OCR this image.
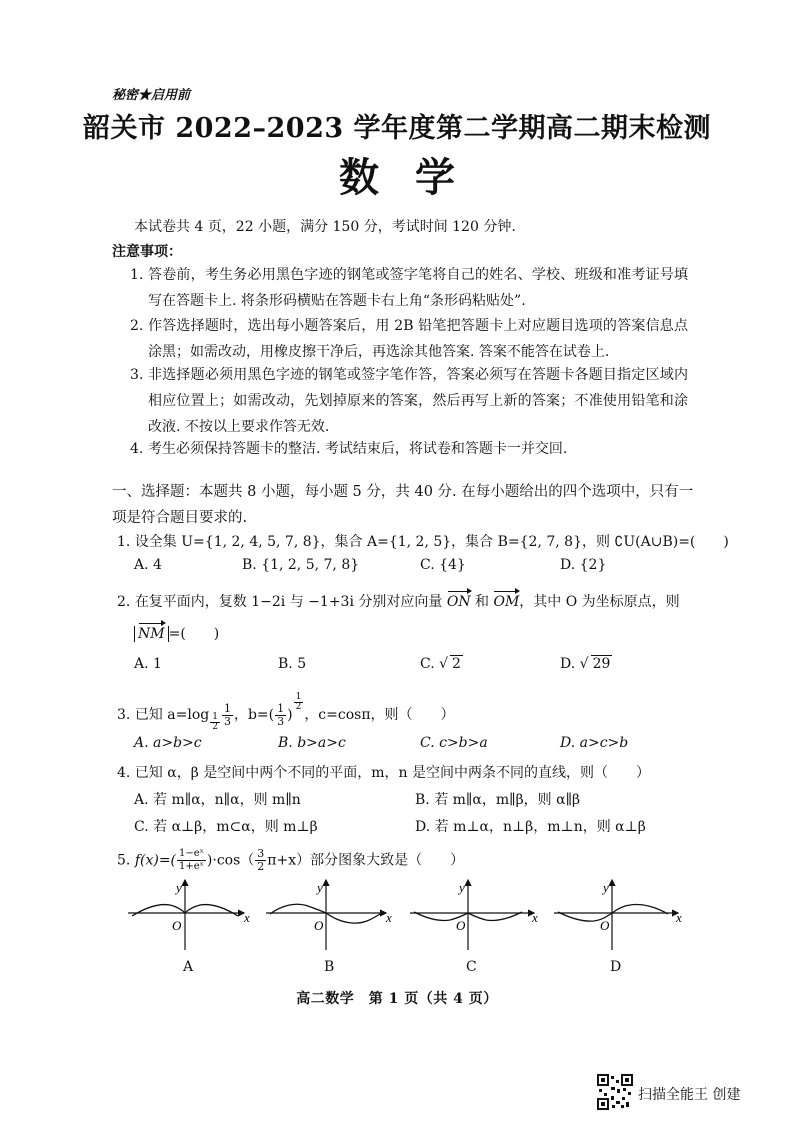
秘密★启用前
韶关市 2022–2023 学年度第二学期高二期末检测
数学
本试卷共 4 页，22 小题，满分 150 分，考试时间 120 分钟.
注意事项：
1. 答卷前，考生务必用黑色字迹的钢笔或签字笔将自己的姓名、学校、班级和准考证号填写在答题卡上. 将条形码横贴在答题卡右上角“条形码粘贴处”.
2. 作答选择题时，选出每小题答案后，用 2B 铅笔把答题卡上对应题目选项的答案信息点涂黑；如需改动，用橡皮擦干净后，再选涂其他答案. 答案不能答在试卷上.
3. 非选择题必须用黑色字迹的钢笔或签字笔作答，答案必须写在答题卡各题目指定区域内相应位置上；如需改动，先划掉原来的答案，然后再写上新的答案；不准使用铅笔和涂改液. 不按以上要求作答无效.
4. 考生必须保持答题卡的整洁. 考试结束后，将试卷和答题卡一并交回.
一、选择题：本题共 8 小题，每小题 5 分，共 40 分. 在每小题给出的四个选项中，只有一项是符合题目要求的.
1. 设全集 U={1, 2, 4, 5, 7, 8}，集合 A={1, 2, 5}，集合 B={2, 7, 8}，则 ∁U(A∪B)=(　　)
A. 4	B. {1, 2, 5, 7, 8}	C. {4}	D. {2}
2. 在复平面内，复数 1−2i 与 −1+3i 分别对应向量 ON 和 OM，其中 O 为坐标原点，则
NM =(　　)
A. 1	B. 5	C. √ 2	D. √ 29
3. 已知 $a=\log \frac{1}{2} \frac{1}{3}$ ，$b=( \frac{1}{3}$ )
$\frac{1}{2}$
，c=cosπ，则（　　）
A. a>b>c	B. b>a>c	C. c>b>a	D. a>c>b
4. 已知 α，β 是空间中两个不同的平面，m，n 是空间中两条不同的直线，则（　　）
A. 若 m∥α，n∥α，则 m∥n	B. 若 m∥α，m∥β，则 α∥β
C. 若 α⊥β，m⊂α，则 m⊥β	D. 若 m⊥α，n⊥β，m⊥n，则 α⊥β
5. $f(x)=( \frac{\text{1−eˣ}}{\text{1+eˣ}} )\cdot\cos( \frac{3}{2} \pi+x)$部分图象大致是（　　）
y
x
O
y
x
O
y
x
O
y
x
O
A	B	C	D
高二数学　第 1 页（共 4 页）
扫描全能王 创建
